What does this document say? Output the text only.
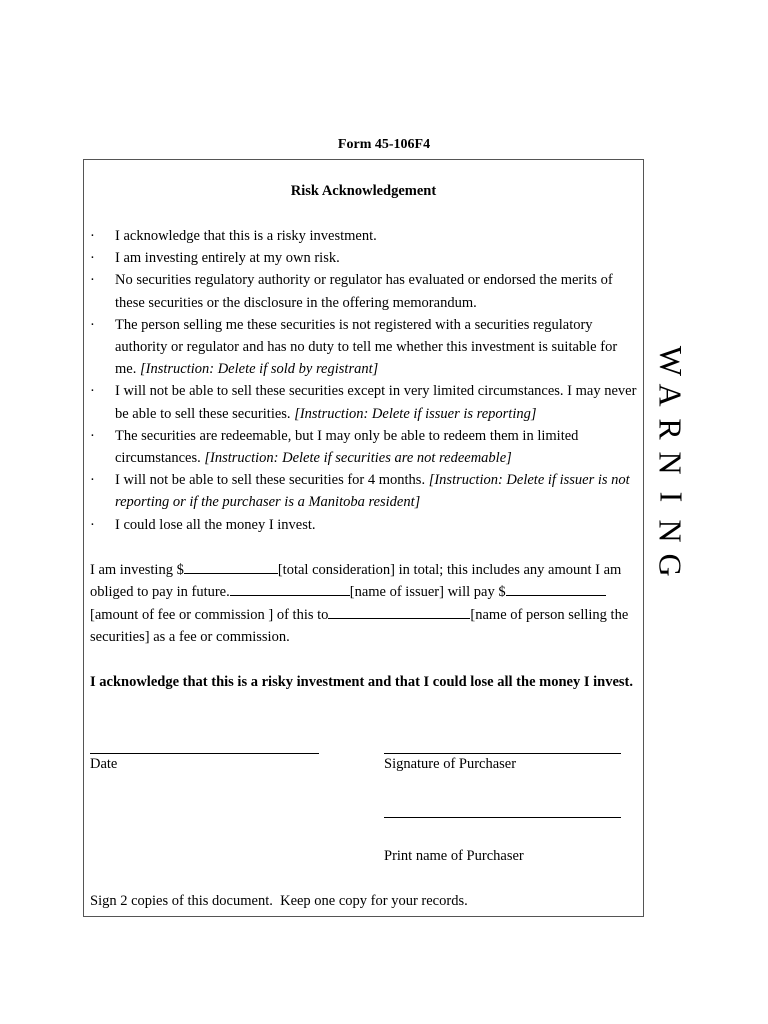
Form 45-106F4
Risk Acknowledgement
· I acknowledge that this is a risky investment.
· I am investing entirely at my own risk.
· No securities regulatory authority or regulator has evaluated or endorsed the merits of these securities or the disclosure in the offering memorandum.
· The person selling me these securities is not registered with a securities regulatory authority or regulator and has no duty to tell me whether this investment is suitable for me. [Instruction: Delete if sold by registrant]
· I will not be able to sell these securities except in very limited circumstances. I may never be able to sell these securities. [Instruction: Delete if issuer is reporting]
· The securities are redeemable, but I may only be able to redeem them in limited circumstances. [Instruction: Delete if securities are not redeemable]
· I will not be able to sell these securities for 4 months. [Instruction: Delete if issuer is not reporting or if the purchaser is a Manitoba resident]
· I could lose all the money I invest.
I am investing $	[total consideration] in total; this includes any amount I am obliged to pay in future.	[name of issuer] will pay $ [amount of fee or commission ] of this to	[name of person selling the securities] as a fee or commission.
I acknowledge that this is a risky investment and that I could lose all the money I invest.
Date	Signature of Purchaser
Print name of Purchaser
Sign 2 copies of this document.  Keep one copy for your records.
W
A
R
N
I
N
G
